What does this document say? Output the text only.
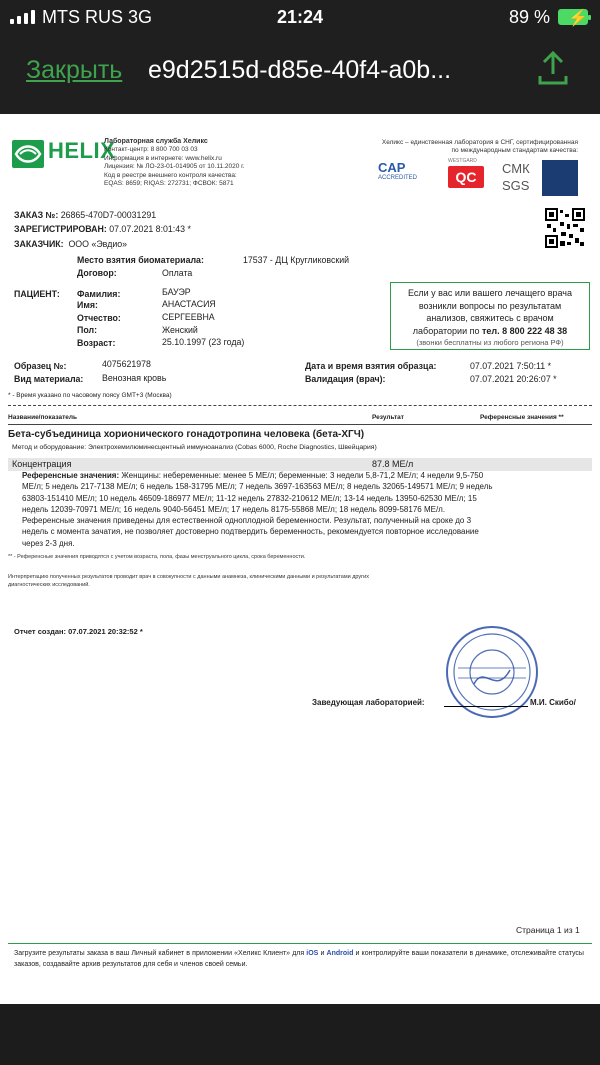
MTS RUS 3G	21:24	89 % ⚡
Закрыть e9d2515d-d85e-40f4-a0b...
HELIX
Лабораторная служба Хеликс
Контакт-центр: 8 800 700 03 03
Информация в интернете: www.helix.ru
Лицензия: № ЛО-23-01-014905 от 10.11.2020 г.
Код в реестре внешнего контроля качества:
EQAS: 8659; RIQAS: 272731; ФСВОК: 5871
Хеликс – единственная лаборатория в СНГ, сертифицированная
по международным стандартам качества:
CAP
ACCREDITED
WESTGARD
QC
СМК
SGS
ЗАКАЗ №: 26865-470D7-00031291
ЗАРЕГИСТРИРОВАН: 07.07.2021 8:01:43 *
ЗАКАЗЧИК: ООО «Эвдио»
Место взятия биоматериала:	17537 - ДЦ Кругликовский
Договор:	Оплата
ПАЦИЕНТ: Фамилия:	БАУЭР
Имя:	АНАСТАСИЯ
Отчество:	СЕРГЕЕВНА
Пол:	Женский
Возраст:	25.10.1997 (23 года)
Если у вас или вашего лечащего врача
возникли вопросы по результатам
анализов, свяжитесь с врачом
лаборатории по тел. 8 800 222 48 38
(звонки бесплатны из любого региона РФ)
Образец №:	4075621978
Вид материала: Венозная кровь
Дата и время взятия образца:	07.07.2021 7:50:11 *
Валидация (врач):	07.07.2021 20:26:07 *
* - Время указано по часовому поясу GMT+3 (Москва)
Название/показатель	Результат	Референсные значения **
Бета-субъединица хорионического гонадотропина человека (бета-ХГЧ)
Метод и оборудование: Электрохемилюминесцентный иммуноанализ (Cobas 6000, Roche Diagnostics, Швейцария)
Концентрация	87.8 МЕ/л
Референсные значения: Женщины: небеременные: менее 5 МЕ/л; беременные: 3 недели 5,8-71,2 МЕ/л; 4 недели 9,5-750
МЕ/л; 5 недель 217-7138 МЕ/л; 6 недель 158-31795 МЕ/л; 7 недель 3697-163563 МЕ/л; 8 недель 32065-149571 МЕ/л; 9 недель
63803-151410 МЕ/л; 10 недель 46509-186977 МЕ/л; 11-12 недель 27832-210612 МЕ/л; 13-14 недель 13950-62530 МЕ/л; 15
недель 12039-70971 МЕ/л; 16 недель 9040-56451 МЕ/л; 17 недель 8175-55868 МЕ/л; 18 недель 8099-58176 МЕ/л.
Референсные значения приведены для естественной одноплодной беременности. Результат, полученный на сроке до 3
недель с момента зачатия, не позволяет достоверно подтвердить беременность, рекомендуется повторное исследование
через 2-3 дня.
** - Референсные значения приводятся с учетом возраста, пола, фазы менструального цикла, срока беременности.
Интерпретацию полученных результатов проводит врач в совокупности с данными анамнеза, клиническими данными и результатами других
диагностических исследований.
Отчет создан: 07.07.2021 20:32:52 *
Заведующая лабораторией:	М.И. Скибо/
Страница 1 из 1
Загрузите результаты заказа в ваш Личный кабинет в приложении «Хеликс Клиент» для iOS и Android и контролируйте ваши показатели в динамике, отслеживайте статусы заказов, создавайте архив результатов для себя и членов своей семьи.
